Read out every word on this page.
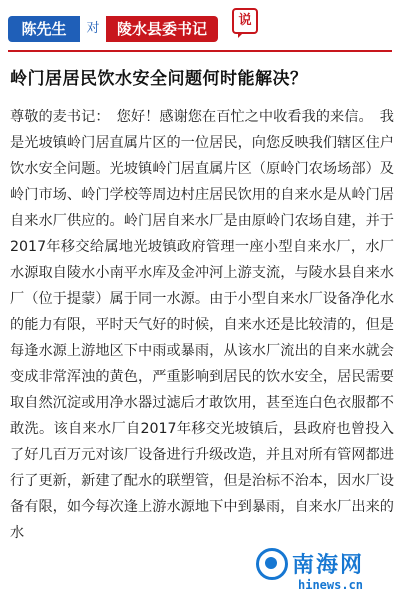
陈先生	对	陵水县委书记	说
岭门居居民饮水安全问题何时能解决？
尊敬的麦书记：　您好！感谢您在百忙之中收看我的来信。　我是光坡镇岭门居直属片区的一位居民，向您反映我们辖区住户饮水安全问题。光坡镇岭门居直属片区（原岭门农场场部）及岭门市场、岭门学校等周边村庄居民饮用的自来水是从岭门居自来水厂供应的。岭门居自来水厂是由原岭门农场自建，并于2017年移交给属地光坡镇政府管理一座小型自来水厂，水厂水源取自陵水小南平水库及金冲河上游支流，与陵水县自来水厂（位于提蒙）属于同一水源。由于小型自来水厂设备净化水的能力有限，平时天气好的时候，自来水还是比较清的，但是每逢水源上游地区下中雨或暴雨，从该水厂流出的自来水就会变成非常浑浊的黄色，严重影响到居民的饮水安全，居民需要取自然沉淀或用净水器过滤后才敢饮用，甚至连白色衣服都不敢洗。该自来水厂自2017年移交光坡镇后，县政府也曾投入了好几百万元对该厂设备进行升级改造，并且对所有管网都进行了更新，新建了配水的联塑管，但是治标不治本，因水厂设备有限，如今每次逢上游水源地下中到暴雨，自来水厂出来的水
南海网
hinews.cn
